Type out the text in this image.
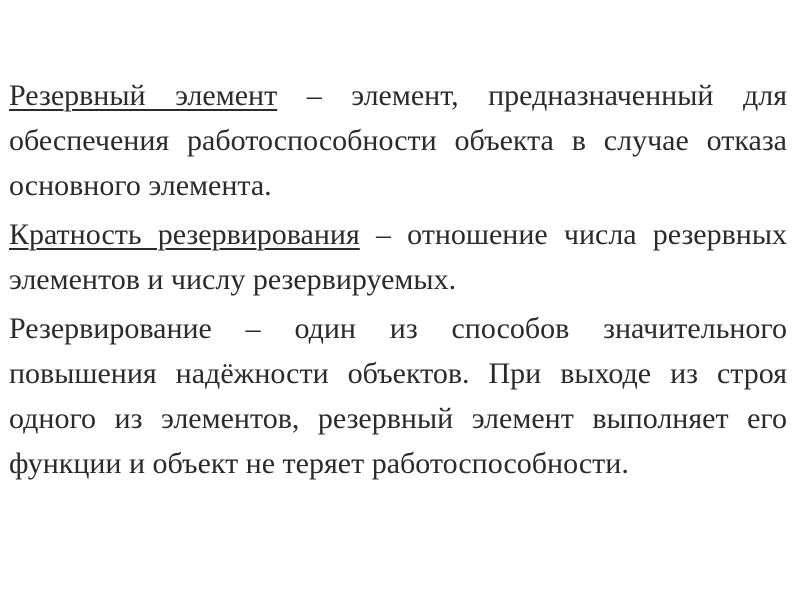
Резервный элемент – элемент, предназначенный для обеспечения работоспособности объекта в случае отказа основного элемента.

Кратность резервирования – отношение числа резервных элементов и числу резервируемых.

Резервирование – один из способов значительного повышения надёжности объектов. При выходе из строя одного из элементов, резервный элемент выполняет его функции и объект не теряет работоспособности.
